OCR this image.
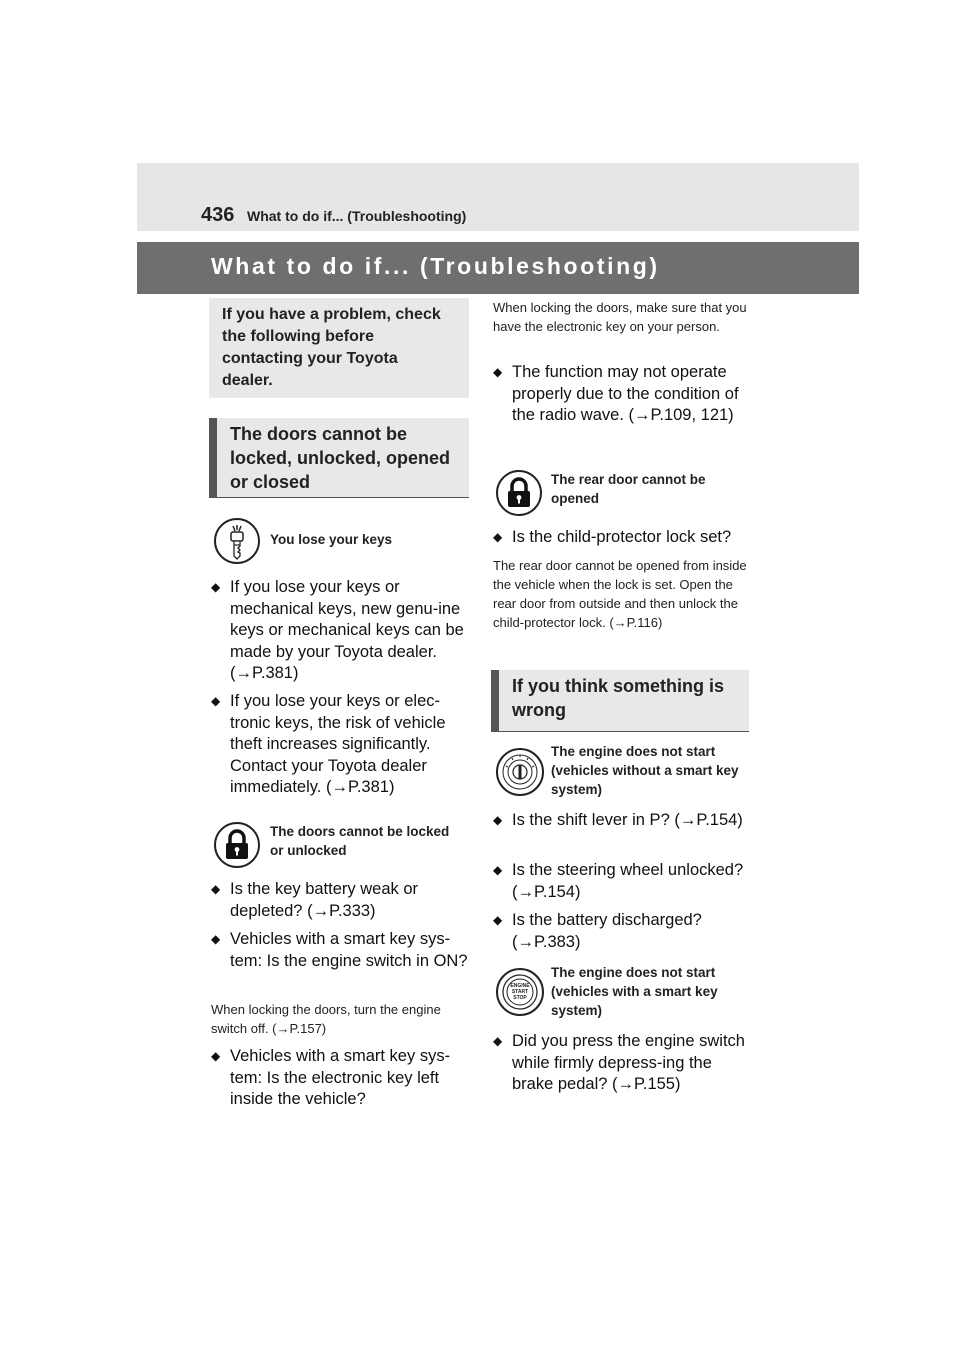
436 What to do if... (Troubleshooting)
What to do if... (Troubleshooting)
If you have a problem, check the following before contacting your Toyota dealer.
The doors cannot be locked, unlocked, opened or closed
You lose your keys
◆ If you lose your keys or mechanical keys, new genu-ine keys or mechanical keys can be made by your Toyota dealer. (→P.381)
◆ If you lose your keys or elec-tronic keys, the risk of vehicle theft increases significantly. Contact your Toyota dealer immediately. (→P.381)
The doors cannot be locked or unlocked
◆ Is the key battery weak or depleted? (→P.333)
◆ Vehicles with a smart key sys-tem: Is the engine switch in ON?
When locking the doors, turn the engine switch off. (→P.157)
◆ Vehicles with a smart key sys-tem: Is the electronic key left inside the vehicle?
When locking the doors, make sure that you have the electronic key on your person.
◆ The function may not operate properly due to the condition of the radio wave. (→P.109, 121)
The rear door cannot be opened
◆ Is the child-protector lock set?
The rear door cannot be opened from inside the vehicle when the lock is set. Open the rear door from outside and then unlock the child-protector lock. (→P.116)
If you think something is wrong
The engine does not start (vehicles without a smart key system)
◆ Is the shift lever in P? (→P.154)
◆ Is the steering wheel unlocked? (→P.154)
◆ Is the battery discharged? (→P.383)
ENGINE
START
STOP
The engine does not start (vehicles with a smart key system)
◆ Did you press the engine switch while firmly depress-ing the brake pedal? (→P.155)
